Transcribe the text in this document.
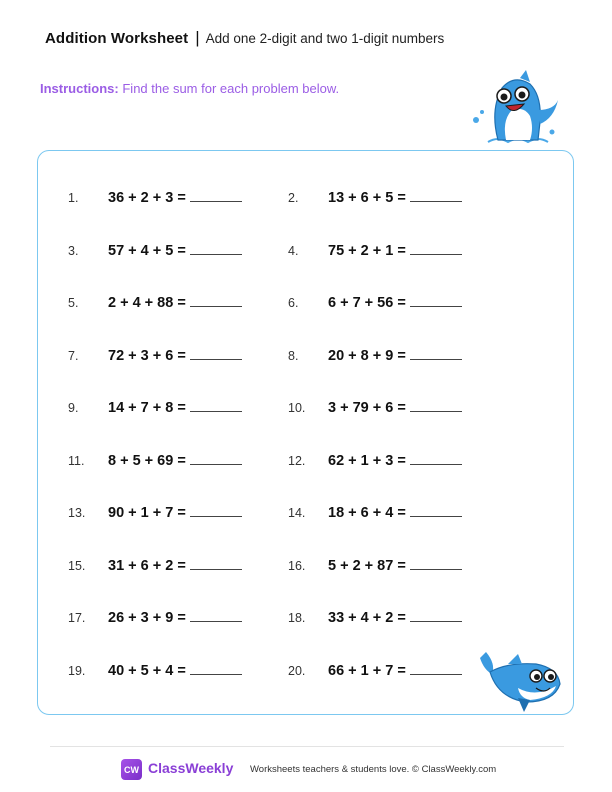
Addition Worksheet | Add one 2-digit and two 1-digit numbers
Instructions: Find the sum for each problem below.
1.	36 + 2 + 3 =	2.	13 + 6 + 5 =
3.	57 + 4 + 5 =	4.	75 + 2 + 1 =
5.	2 + 4 + 88 =	6.	6 + 7 + 56 =
7.	72 + 3 + 6 =	8.	20 + 8 + 9 =
9.	14 + 7 + 8 =	10.	3 + 79 + 6 =
11.	8 + 5 + 69 =	12.	62 + 1 + 3 =
13.	90 + 1 + 7 =	14.	18 + 6 + 4 =
15.	31 + 6 + 2 =	16.	5 + 2 + 87 =
17.	26 + 3 + 9 =	18.	33 + 4 + 2 =
19.	40 + 5 + 4 =	20.	66 + 1 + 7 =
CW ClassWeekly Worksheets teachers & students love. © ClassWeekly.com
